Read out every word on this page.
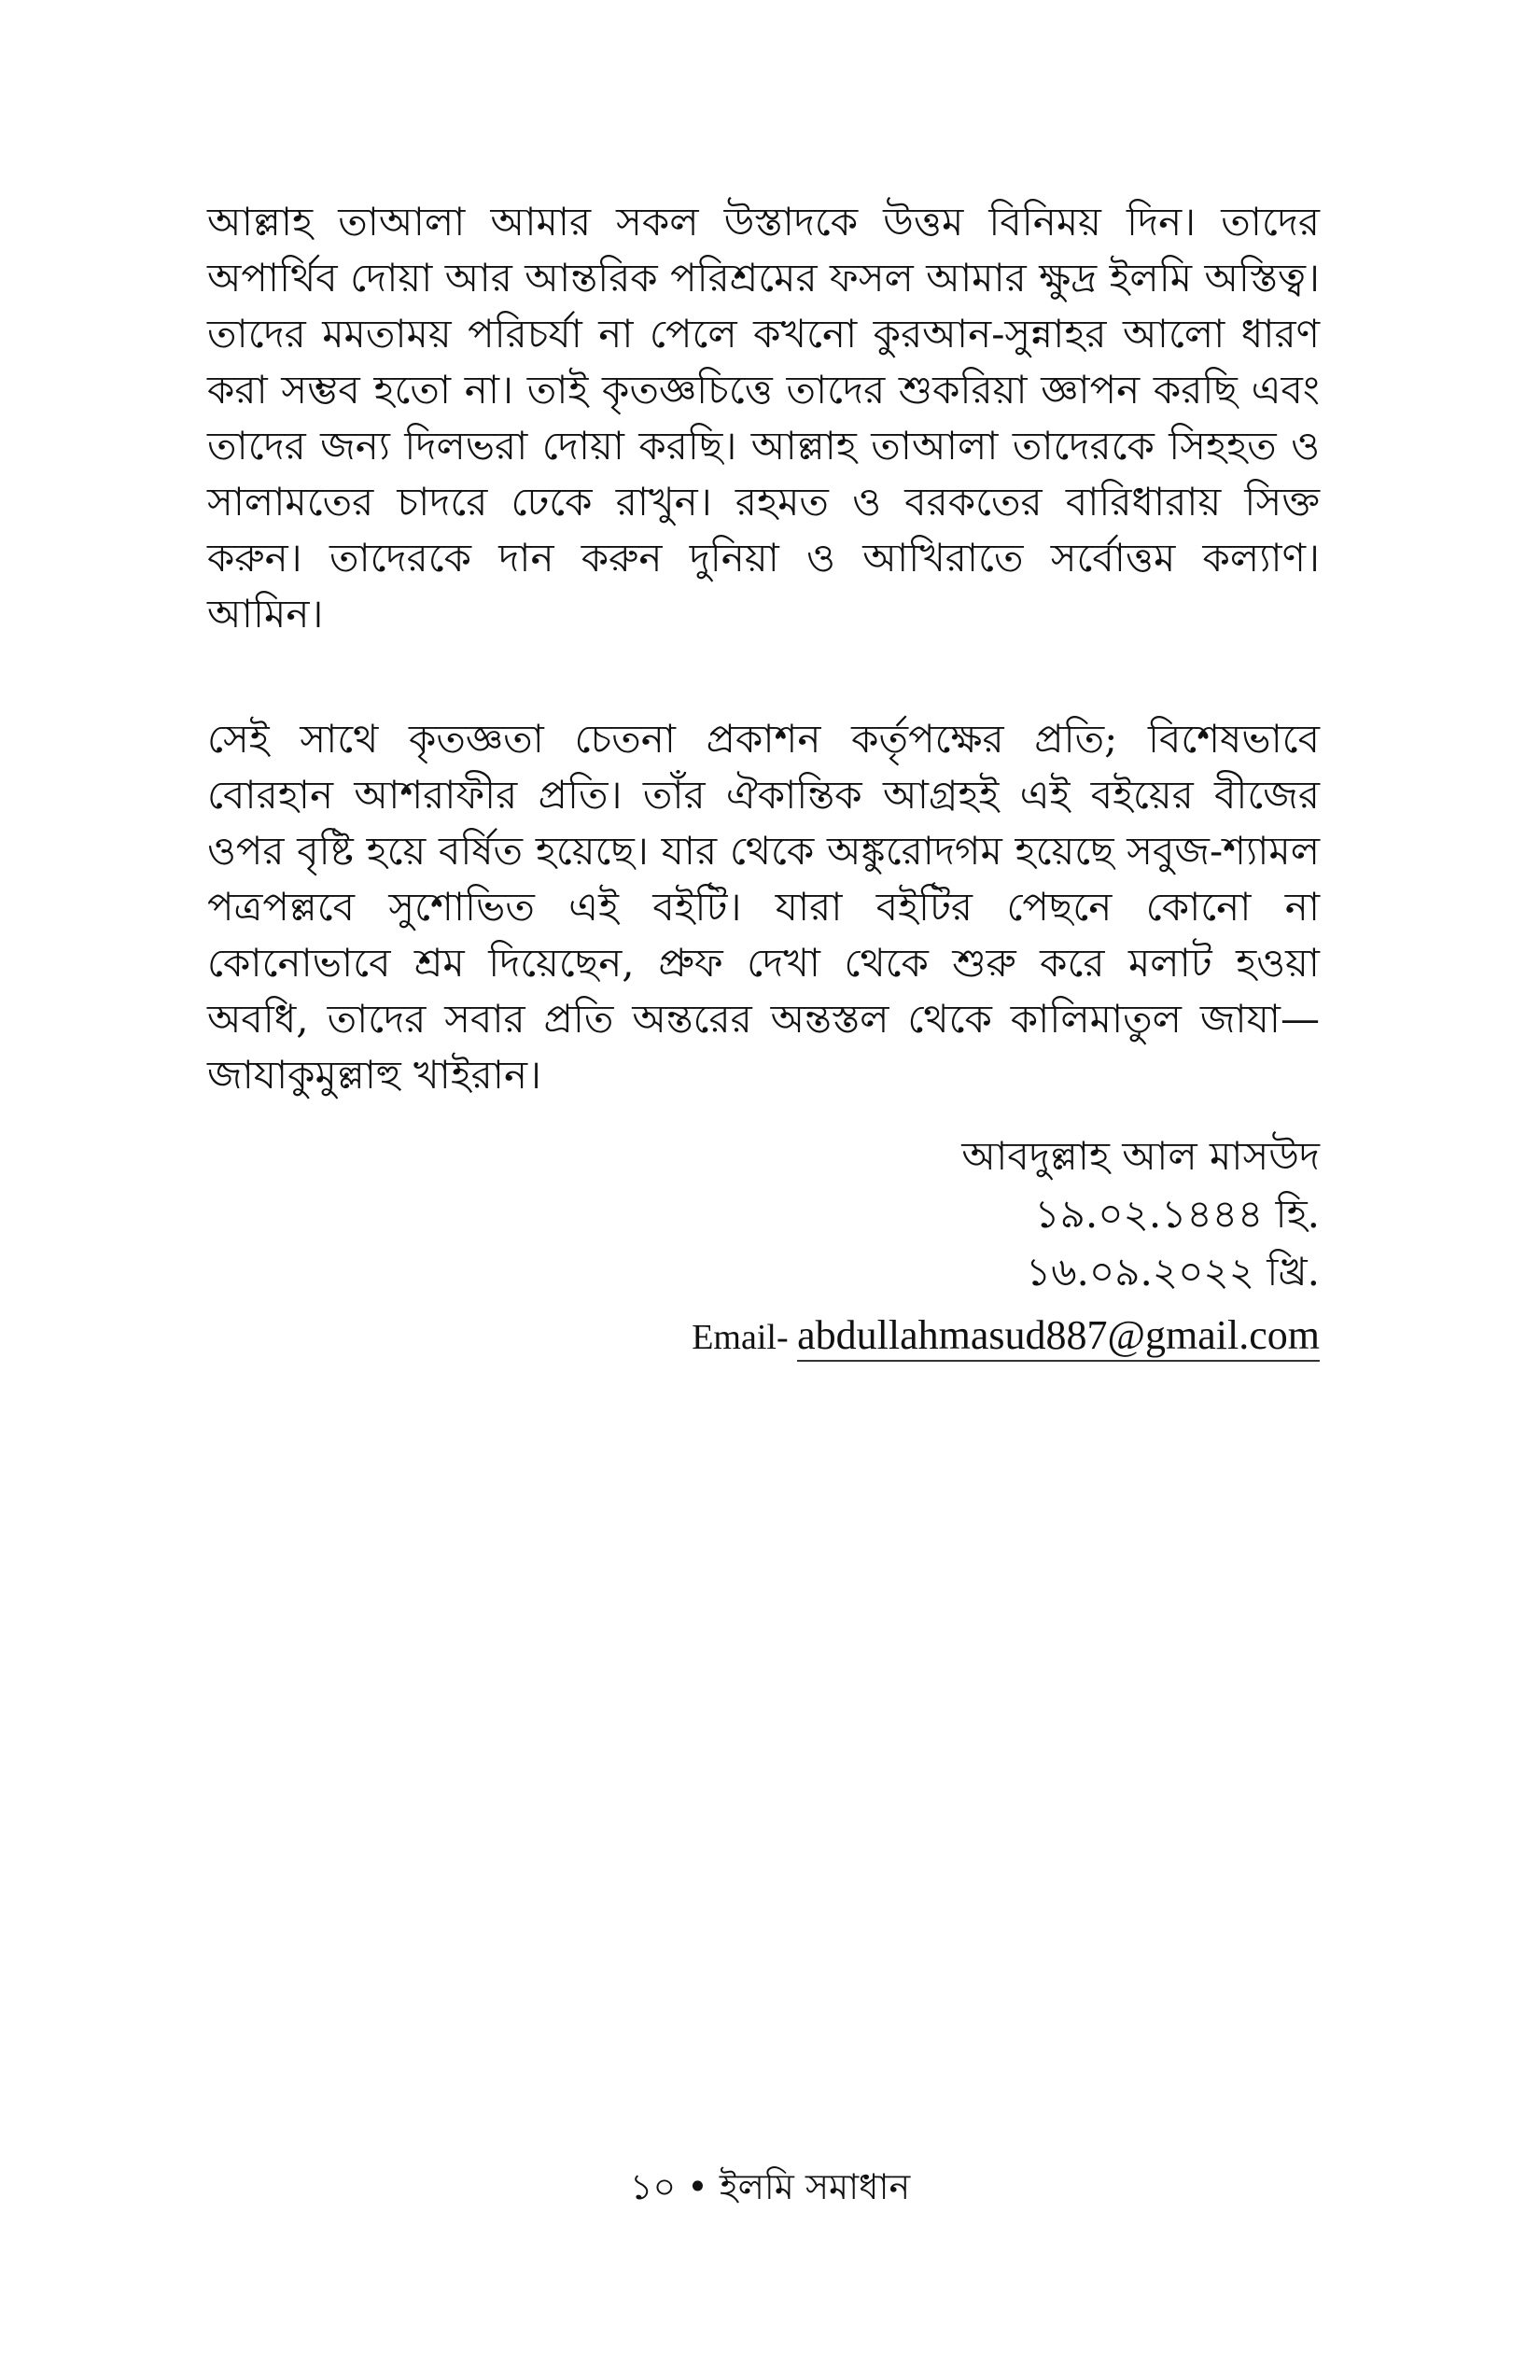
আল্লাহ তাআলা আমার সকল উস্তাদকে উত্তম বিনিময় দিন। তাদের অপার্থিব দোয়া আর আন্তরিক পরিশ্রমের ফসল আমার ক্ষুদ্র ইলমি অস্তিত্ব। তাদের মমতাময় পরিচর্যা না পেলে কখনো কুরআন-সুন্নাহর আলো ধারণ করা সম্ভব হতো না। তাই কৃতজ্ঞচিত্তে তাদের শুকরিয়া জ্ঞাপন করছি এবং তাদের জন্য দিলভরা দোয়া করছি। আল্লাহ তাআলা তাদেরকে সিহহত ও সালামতের চাদরে ঢেকে রাখুন। রহমত ও বরকতের বারিধারায় সিক্ত করুন। তাদেরকে দান করুন দুনিয়া ও আখিরাতে সর্বোত্তম কল্যাণ। আমিন।

সেই সাথে কৃতজ্ঞতা চেতনা প্রকাশন কর্তৃপক্ষের প্রতি; বিশেষভাবে বোরহান আশরাফীর প্রতি। তাঁর ঐকান্তিক আগ্রহই এই বইয়ের বীজের ওপর বৃষ্টি হয়ে বর্ষিত হয়েছে। যার থেকে অঙ্কুরোদগম হয়েছে সবুজ-শ্যামল পত্রপল্লবে সুশোভিত এই বইটি। যারা বইটির পেছনে কোনো না কোনোভাবে শ্রম দিয়েছেন, প্রুফ দেখা থেকে শুরু করে মলাট হওয়া অবধি, তাদের সবার প্রতি অন্তরের অন্তস্তল থেকে কালিমাতুল জাযা—জাযাকুমুল্লাহু খাইরান।

আবদুল্লাহ আল মাসউদ
১৯.০২.১৪৪৪ হি.
১৬.০৯.২০২২ খ্রি.
Email- abdullahmasud887@gmail.com
১০ • ইলমি সমাধান
